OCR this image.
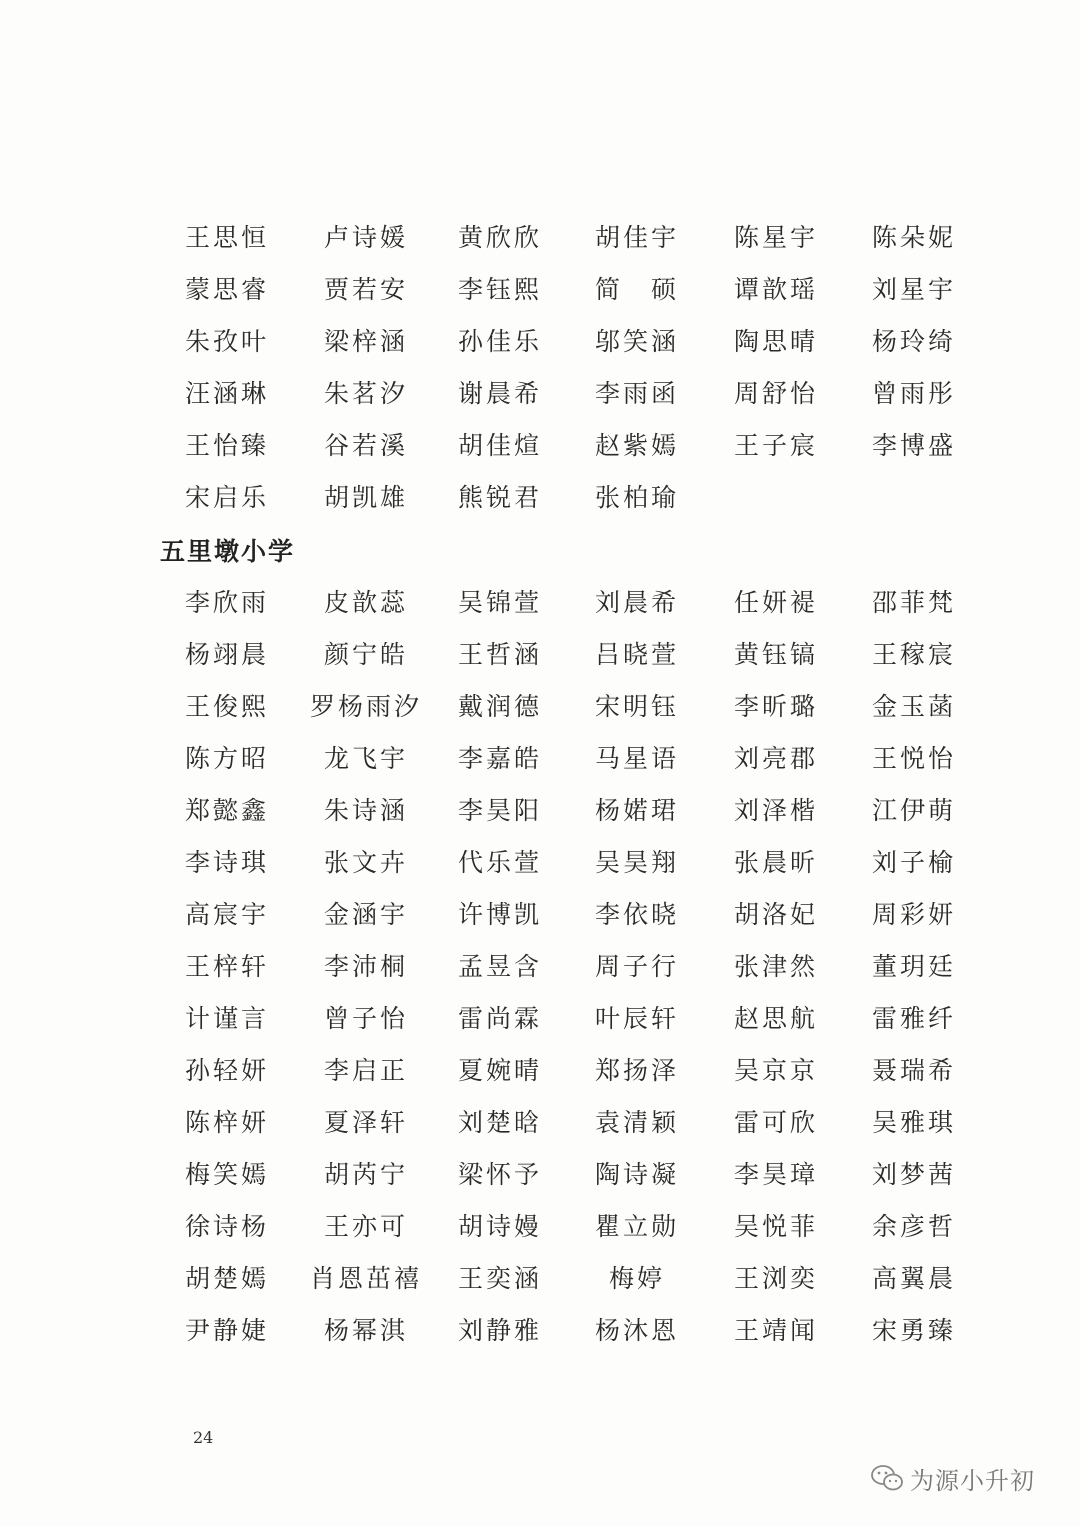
王思恒	卢诗媛	黄欣欣	胡佳宇	陈星宇	陈朵妮
蒙思睿	贾若安	李钰熙	简　硕	谭歆瑶	刘星宇
朱孜叶	梁梓涵	孙佳乐	邬笑涵	陶思晴	杨玲绮
汪涵琳	朱茗汐	谢晨希	李雨函	周舒怡	曾雨彤
王怡臻	谷若溪	胡佳煊	赵紫嫣	王子宸	李博盛
宋启乐	胡凯雄	熊锐君	张柏瑜
五里墩小学
李欣雨	皮歆蕊	吴锦萱	刘晨希	任妍褆	邵菲梵
杨翊晨	颜宁皓	王哲涵	吕晓萱	黄钰镐	王稼宸
王俊熙	罗杨雨汐	戴润德	宋明钰	李昕璐	金玉菡
陈方昭	龙飞宇	李嘉皓	马星语	刘亮郡	王悦怡
郑懿鑫	朱诗涵	李昊阳	杨婼珺	刘泽楷	江伊萌
李诗琪	张文卉	代乐萱	吴昊翔	张晨昕	刘子榆
高宸宇	金涵宇	许博凯	李依晓	胡洛妃	周彩妍
王梓轩	李沛桐	孟昱含	周子行	张津然	董玥廷
计谨言	曾子怡	雷尚霖	叶辰轩	赵思航	雷雅纤
孙轻妍	李启正	夏婉晴	郑扬泽	吴京京	聂瑞希
陈梓妍	夏泽轩	刘楚晗	袁清颖	雷可欣	吴雅琪
梅笑嫣	胡芮宁	梁怀予	陶诗凝	李昊璋	刘梦茜
徐诗杨	王亦可	胡诗嫚	瞿立勋	吴悦菲	余彦哲
胡楚嫣	肖恩茁禧	王奕涵	梅婷	王浏奕	高翼晨
尹静婕	杨幂淇	刘静雅	杨沐恩	王靖闻	宋勇臻
24
为源小升初
